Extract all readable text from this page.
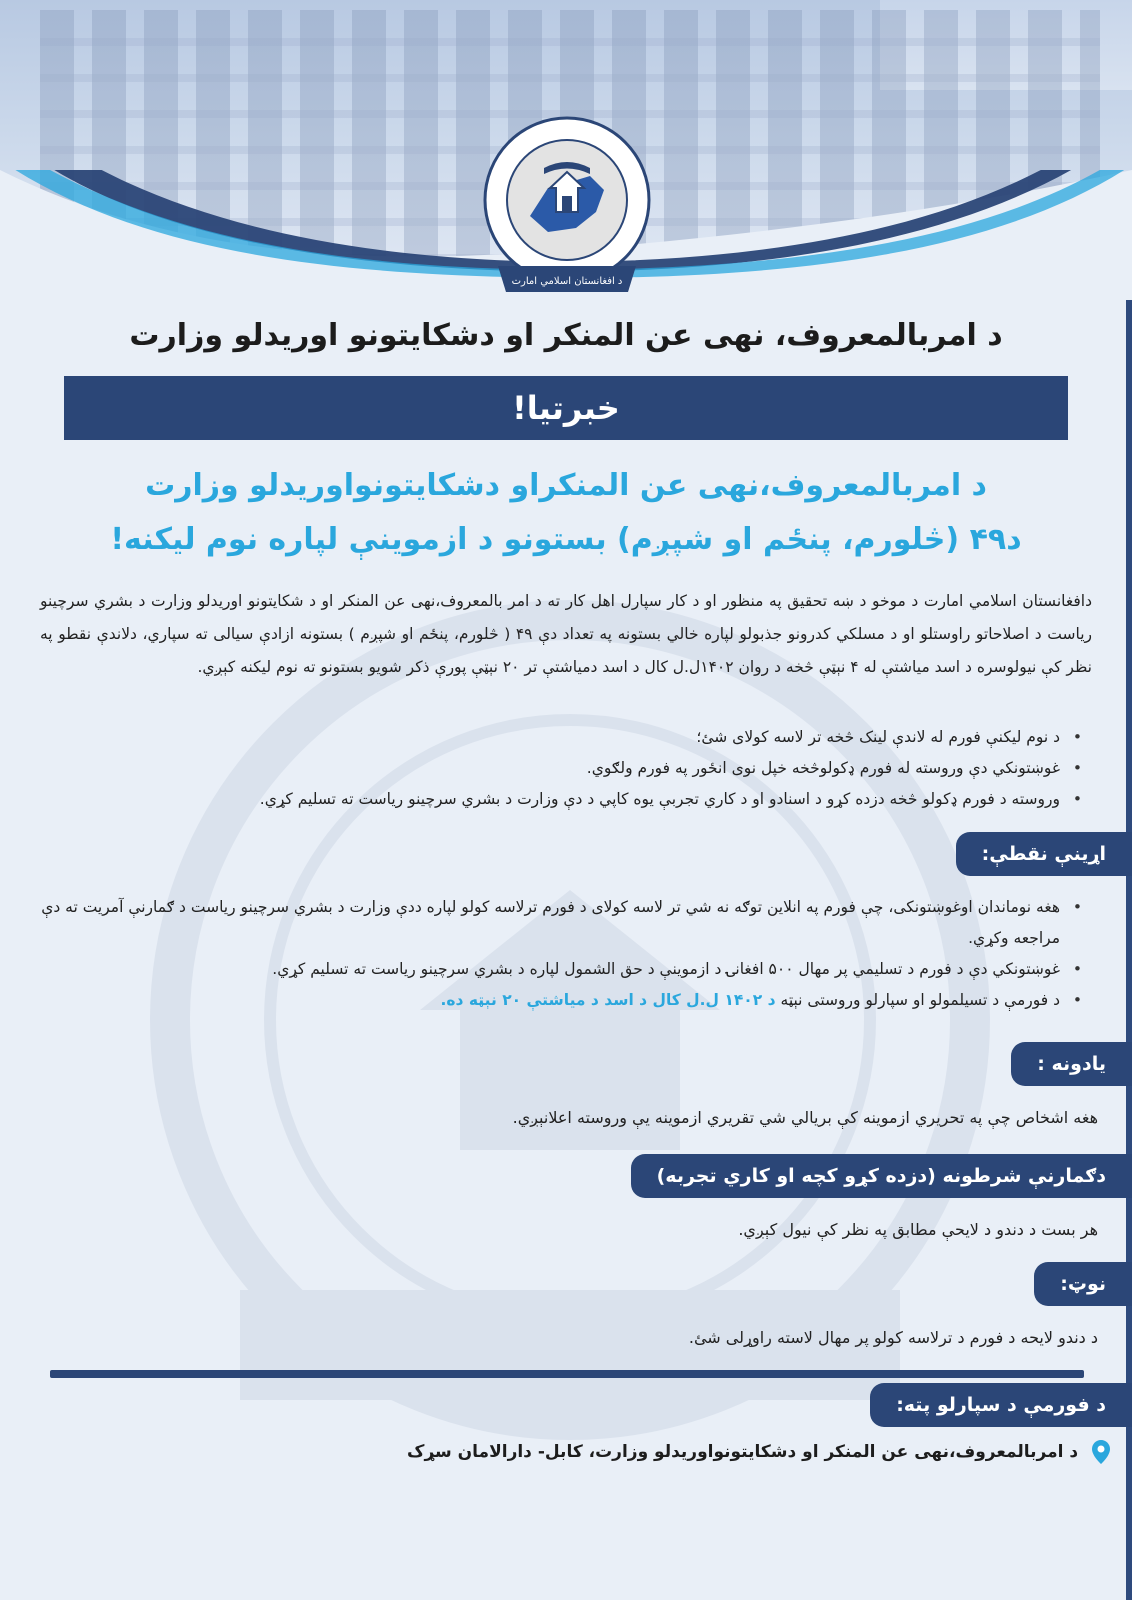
د افغانستان اسلامي امارت
د امربالمعروف، نهی عن المنکر او دشکایتونو اوریدلو وزارت
خبرتیا!
د امربالمعروف،نهی عن المنکراو دشکایتونواوریدلو وزارت
د۴۹ (څلورم، پنځم او شپږم) بستونو د ازموینې لپاره نوم لیکنه!
دافغانستان اسلامي امارت د موخو د ښه تحقیق په منظور او د کار سپارل اهل کار ته د امر بالمعروف،نهی عن المنکر او د شکایتونو اوریدلو وزارت د بشري سرچینو ریاست د اصلاحاتو راوستلو او د مسلکي کدرونو جذبولو لپاره خالي بستونه په تعداد دې ۴۹ ( څلورم، پنځم او شپږم ) بستونه ازادې سیالی ته سپاري، دلاندې نقطو په نظر کې نیولوسره د اسد میاشتې له ۴ نېټې څخه د روان ۱۴۰۲ل.ل کال د اسد دمیاشتې تر ۲۰ نېټې پورې ذکر شویو بستونو ته نوم لیکنه کېږي.
• د نوم لیکنې فورم له لاندې لینک څخه تر لاسه کولای شئ؛
• غوښتونکي دې وروسته له فورم ډکولوڅخه خپل نوی انځور په فورم ولګوي.
• وروسته د فورم ډکولو څخه دزده کړو د اسنادو او د کاري تجربې یوه کاپي د دې وزارت د بشري سرچینو ریاست ته تسلیم کړي.
اړینې نقطې:
• هغه نوماندان اوغوښتونکی، چې فورم په انلاین توګه نه شي تر لاسه کولای د فورم ترلاسه کولو لپاره ددې وزارت د بشري سرچینو ریاست د ګمارنې آمریت ته دې مراجعه وکړي.
• غوښتونکي دې د فورم د تسلیمي پر مهال ۵۰۰ افغانۍ د ازموینې د حق الشمول لپاره د بشري سرچینو ریاست ته تسلیم کړي.
• د فورمې د تسیلمولو او سپارلو وروستی نېټه د ۱۴۰۲ ل.ل کال د اسد د میاشتې ۲۰ نېټه ده.
یادونه :
هغه اشخاص چې په تحریري ازموینه کې بریالي شي تقریري ازموینه یې وروسته اعلانېږي.
دګمارنې شرطونه (دزده کړو کچه او کاري تجربه)
هر بست د دندو د لایحې مطابق په نظر کې نیول کېږي.
نوټ:
د دندو لایحه د فورم د ترلاسه کولو پر مهال لاسته راوړلی شئ.
د فورمې د سپارلو پته:
د امربالمعروف،نهی عن المنکر او دشکایتونواوریدلو وزارت، کابل- دارالامان سړک
